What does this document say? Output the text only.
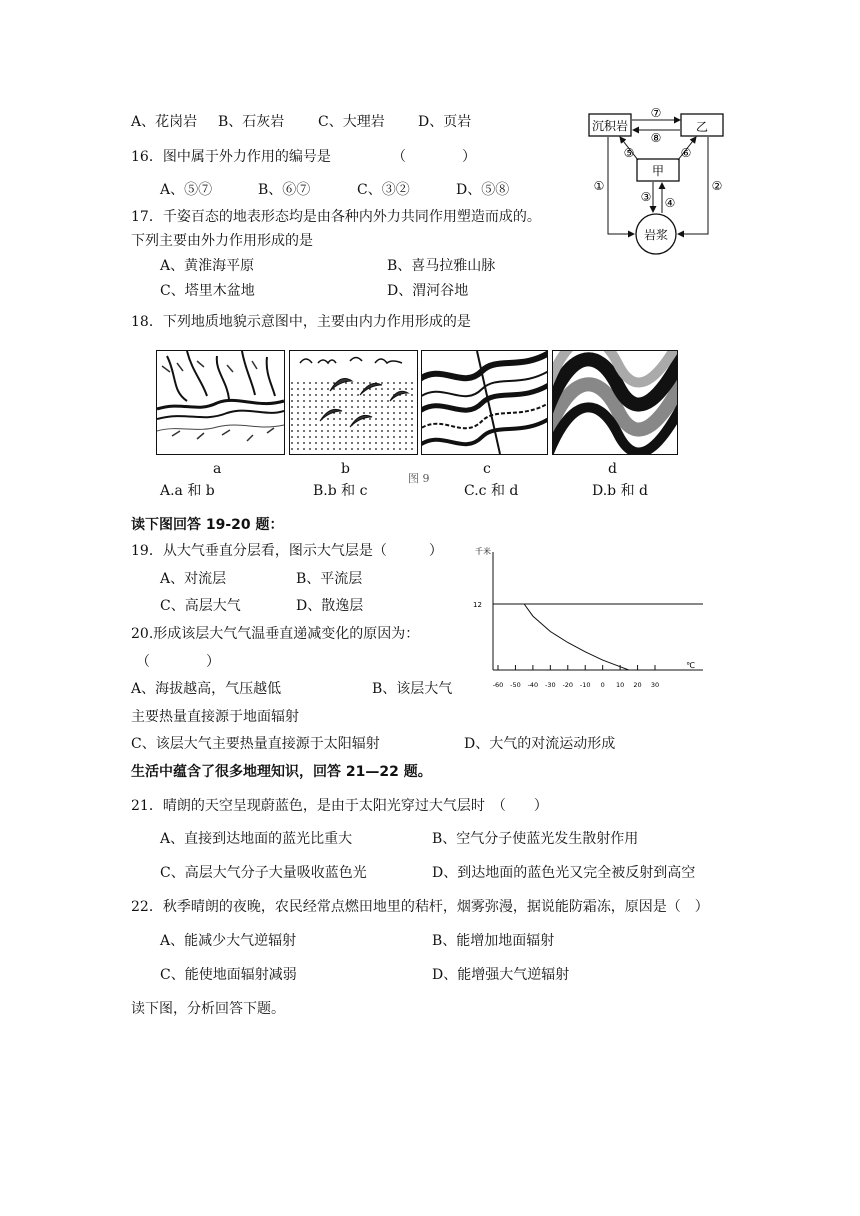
A、花岗岩 B、石灰岩 C、大理岩 D、页岩
16．图中属于外力作用的编号是	（　　　　）
A、⑤⑦	B、⑥⑦	C、③②	D、⑤⑧
17．千姿百态的地表形态均是由各种内外力共同作用塑造而成的。
下列主要由外力作用形成的是
A、黄淮海平原	B、喜马拉雅山脉
C、塔里木盆地	D、渭河谷地
沉积岩	乙
甲
岩浆
⑦
⑧
⑤	⑥
③ ④
①	②
18．下列地质地貌示意图中，主要由内力作用形成的是
a	b
图 9
c	d
A.a 和 b	B.b 和 c	C.c 和 d	D.b 和 d
读下图回答 19-20 题：
19．从大气垂直分层看，图示大气层是（　　　）
A、对流层	B、平流层
C、高层大气	D、散逸层
千米
℃
-60 -50 -40 -30 -20 -10 0 10 20 30
12
20.形成该层大气气温垂直递减变化的原因为：
（　　　　）
A、海拔越高，气压越低	B、该层大气
主要热量直接源于地面辐射
C、该层大气主要热量直接源于太阳辐射	D、大气的对流运动形成
生活中蕴含了很多地理知识，回答 21—22 题。
21．晴朗的天空呈现蔚蓝色，是由于太阳光穿过大气层时　（　　）
A、直接到达地面的蓝光比重大	B、空气分子使蓝光发生散射作用
C、高层大气分子大量吸收蓝色光	D、到达地面的蓝色光又完全被反射到高空
22．秋季晴朗的夜晚，农民经常点燃田地里的秸杆，烟雾弥漫，据说能防霜冻，原因是（　）
A、能减少大气逆辐射	B、能增加地面辐射
C、能使地面辐射减弱	D、能增强大气逆辐射
读下图，分析回答下题。
